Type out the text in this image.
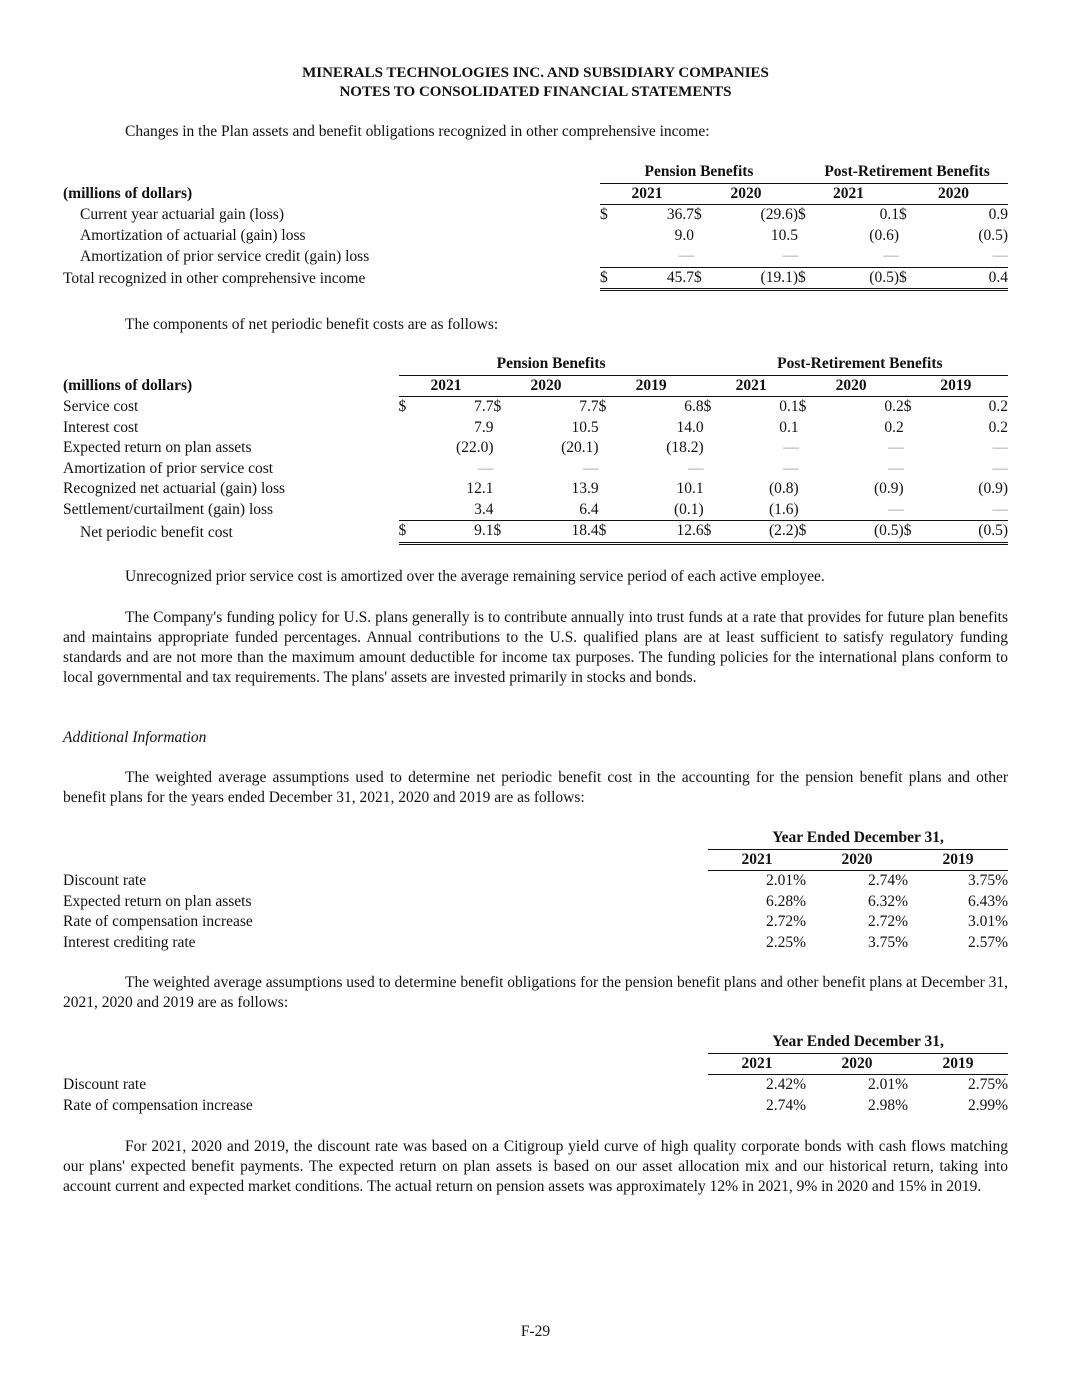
MINERALS TECHNOLOGIES INC. AND SUBSIDIARY COMPANIES
NOTES TO CONSOLIDATED FINANCIAL STATEMENTS

Changes in the Plan assets and benefit obligations recognized in other comprehensive income:

	Pension Benefits				Post-Retirement Benefits			
(millions of dollars)	2021		2020		2021		2020	
Current year actuarial gain (loss)	$	36.7	$	(29.6)	$	0.1	$	0.9
Amortization of actuarial (gain) loss		9.0		10.5		(0.6)		(0.5)
Amortization of prior service credit (gain) loss		—		—		—		—
Total recognized in other comprehensive income	$	45.7	$	(19.1)	$	(0.5)	$	0.4

The components of net periodic benefit costs are as follows:

	Pension Benefits						Post-Retirement Benefits					
(millions of dollars)	2021		2020		2019		2021		2020		2019	
Service cost	$	7.7	$	7.7	$	6.8	$	0.1	$	0.2	$	0.2
Interest cost		7.9		10.5		14.0		0.1		0.2		0.2
Expected return on plan assets		(22.0)		(20.1)		(18.2)		—		—		—
Amortization of prior service cost		—		—		—		—		—		—
Recognized net actuarial (gain) loss		12.1		13.9		10.1		(0.8)		(0.9)		(0.9)
Settlement/curtailment (gain) loss		3.4		6.4		(0.1)		(1.6)		—		—
Net periodic benefit cost	$	9.1	$	18.4	$	12.6	$	(2.2)	$	(0.5)	$	(0.5)

Unrecognized prior service cost is amortized over the average remaining service period of each active employee.

The Company's funding policy for U.S. plans generally is to contribute annually into trust funds at a rate that provides for future plan benefits and maintains appropriate funded percentages. Annual contributions to the U.S. qualified plans are at least sufficient to satisfy regulatory funding standards and are not more than the maximum amount deductible for income tax purposes. The funding policies for the international plans conform to local governmental and tax requirements. The plans' assets are invested primarily in stocks and bonds.

Additional Information

The weighted average assumptions used to determine net periodic benefit cost in the accounting for the pension benefit plans and other benefit plans for the years ended December 31, 2021, 2020 and 2019 are as follows:

	Year Ended December 31,		
	2021	2020	2019
Discount rate	2.01%	2.74%	3.75%
Expected return on plan assets	6.28%	6.32%	6.43%
Rate of compensation increase	2.72%	2.72%	3.01%
Interest crediting rate	2.25%	3.75%	2.57%

The weighted average assumptions used to determine benefit obligations for the pension benefit plans and other benefit plans at December 31, 2021, 2020 and 2019 are as follows:

	Year Ended December 31,		
	2021	2020	2019
Discount rate	2.42%	2.01%	2.75%
Rate of compensation increase	2.74%	2.98%	2.99%

For 2021, 2020 and 2019, the discount rate was based on a Citigroup yield curve of high quality corporate bonds with cash flows matching our plans' expected benefit payments. The expected return on plan assets is based on our asset allocation mix and our historical return, taking into account current and expected market conditions. The actual return on pension assets was approximately 12% in 2021, 9% in 2020 and 15% in 2019.

F-29
